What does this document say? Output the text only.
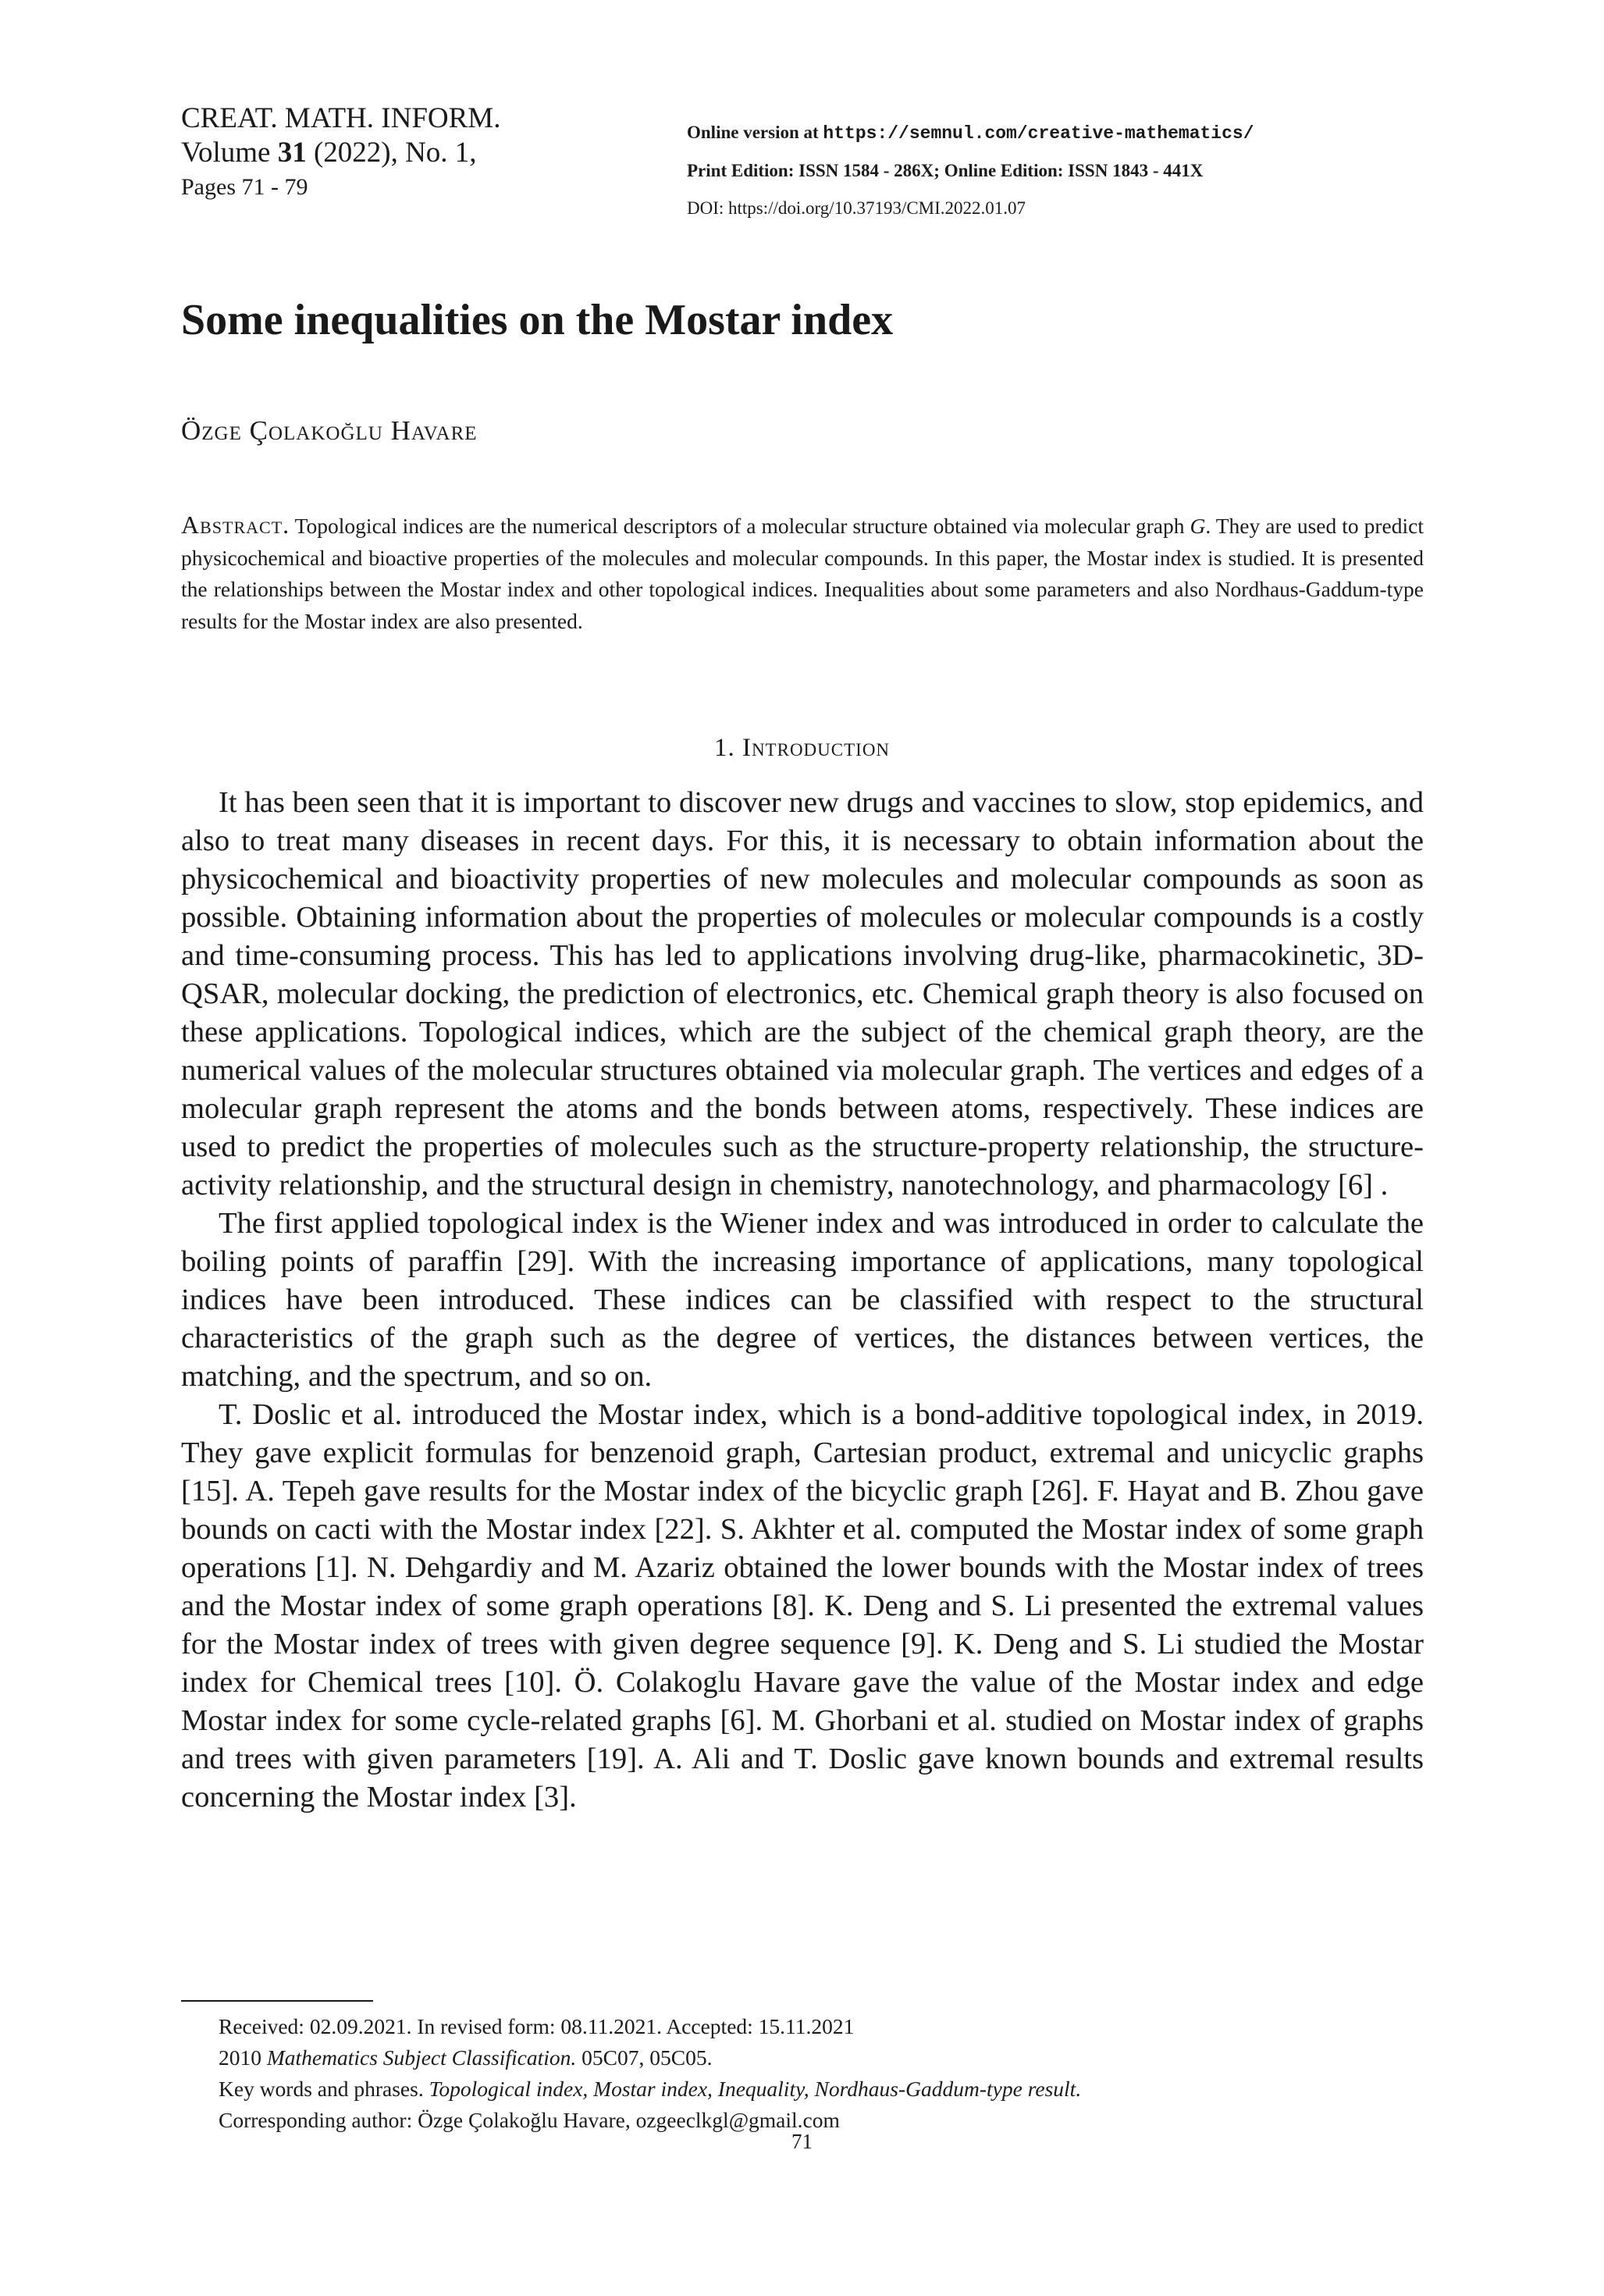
CREAT. MATH. INFORM.
Volume 31 (2022), No. 1,
Pages 71 - 79
Online version at https://semnul.com/creative-mathematics/
Print Edition: ISSN 1584 - 286X; Online Edition: ISSN 1843 - 441X
DOI: https://doi.org/10.37193/CMI.2022.01.07
Some inequalities on the Mostar index
Özge Çolakoğlu Havare
Abstract. Topological indices are the numerical descriptors of a molecular structure obtained via molecular graph G. They are used to predict physicochemical and bioactive properties of the molecules and molecular compounds. In this paper, the Mostar index is studied. It is presented the relationships between the Mostar index and other topological indices. Inequalities about some parameters and also Nordhaus-Gaddum-type results for the Mostar index are also presented.
1. Introduction

It has been seen that it is important to discover new drugs and vaccines to slow, stop epidemics, and also to treat many diseases in recent days. For this, it is necessary to obtain information about the physicochemical and bioactivity properties of new molecules and molecular compounds as soon as possible. Obtaining information about the properties of molecules or molecular compounds is a costly and time-consuming process. This has led to applications involving drug-like, pharmacokinetic, 3D-QSAR, molecular docking, the prediction of electronics, etc. Chemical graph theory is also focused on these applications. Topological indices, which are the subject of the chemical graph theory, are the numerical values of the molecular structures obtained via molecular graph. The vertices and edges of a molecular graph represent the atoms and the bonds between atoms, respectively. These indices are used to predict the properties of molecules such as the structure-property relationship, the structure-activity relationship, and the structural design in chemistry, nanotechnology, and pharmacology [6] .

The first applied topological index is the Wiener index and was introduced in order to calculate the boiling points of paraffin [29]. With the increasing importance of applications, many topological indices have been introduced. These indices can be classified with respect to the structural characteristics of the graph such as the degree of vertices, the distances between vertices, the matching, and the spectrum, and so on.

T. Doslic et al. introduced the Mostar index, which is a bond-additive topological index, in 2019. They gave explicit formulas for benzenoid graph, Cartesian product, extremal and unicyclic graphs [15]. A. Tepeh gave results for the Mostar index of the bicyclic graph [26]. F. Hayat and B. Zhou gave bounds on cacti with the Mostar index [22]. S. Akhter et al. computed the Mostar index of some graph operations [1]. N. Dehgardiy and M. Azariz obtained the lower bounds with the Mostar index of trees and the Mostar index of some graph operations [8]. K. Deng and S. Li presented the extremal values for the Mostar index of trees with given degree sequence [9]. K. Deng and S. Li studied the Mostar index for Chemical trees [10]. Ö. Colakoglu Havare gave the value of the Mostar index and edge Mostar index for some cycle-related graphs [6]. M. Ghorbani et al. studied on Mostar index of graphs and trees with given parameters [19]. A. Ali and T. Doslic gave known bounds and extremal results concerning the Mostar index [3].

Received: 02.09.2021. In revised form: 08.11.2021. Accepted: 15.11.2021
2010 Mathematics Subject Classification. 05C07, 05C05.
Key words and phrases. Topological index, Mostar index, Inequality, Nordhaus-Gaddum-type result.
Corresponding author: Özge Çolakoğlu Havare, ozgeeclkgl@gmail.com
71
